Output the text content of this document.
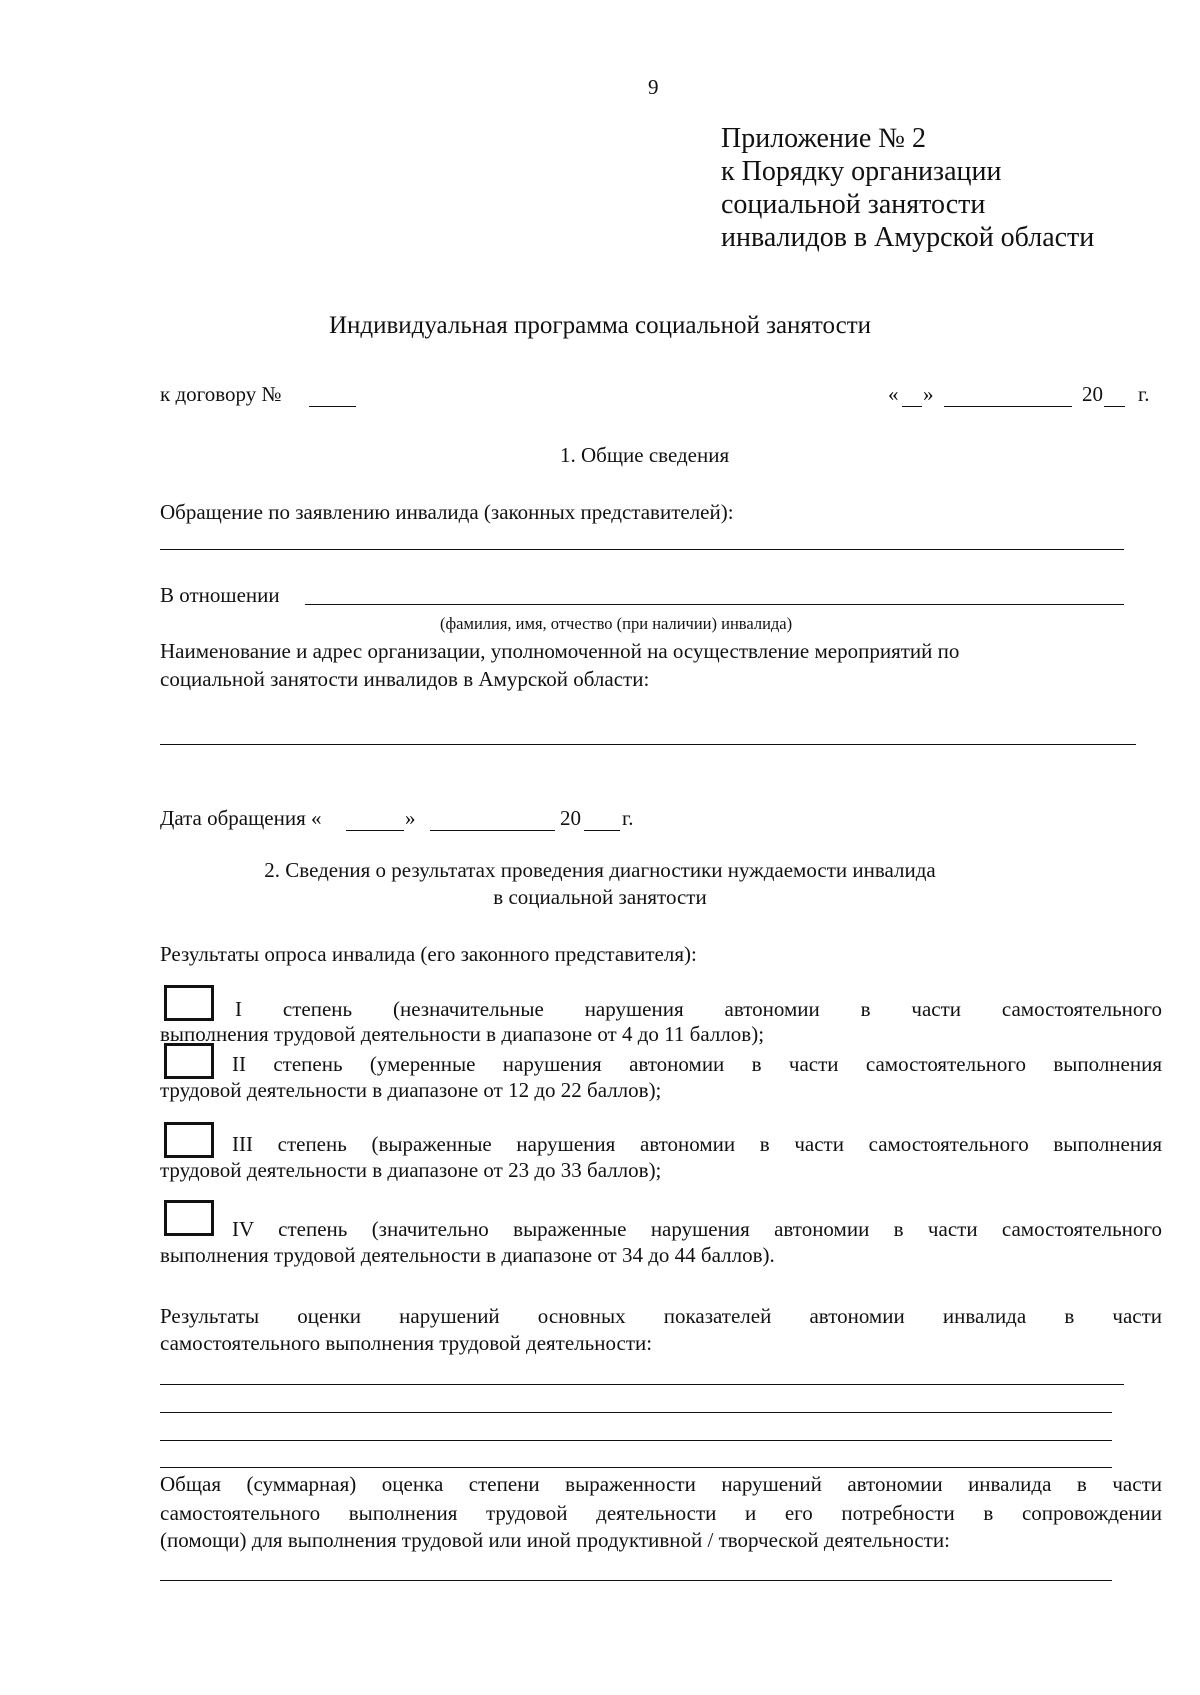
9
Приложение № 2
к Порядку организации
социальной занятости
инвалидов в Амурской области
Индивидуальная программа социальной занятости
к договору №	« »	20 г.
1. Общие сведения
Обращение по заявлению инвалида (законных представителей):
В отношении
(фамилия, имя, отчество (при наличии) инвалида)
Наименование и адрес организации, уполномоченной на осуществление мероприятий по
социальной занятости инвалидов в Амурской области:
Дата обращения «	»	20 г.
2. Сведения о результатах проведения диагностики нуждаемости инвалида
в социальной занятости
Результаты опроса инвалида (его законного представителя):
I степень (незначительные нарушения автономии в части самостоятельного
выполнения трудовой деятельности в диапазоне от 4 до 11 баллов);
II степень (умеренные нарушения автономии в части самостоятельного выполнения
трудовой деятельности в диапазоне от 12 до 22 баллов);
III степень (выраженные нарушения автономии в части самостоятельного выполнения
трудовой деятельности в диапазоне от 23 до 33 баллов);
IV степень (значительно выраженные нарушения автономии в части самостоятельного
выполнения трудовой деятельности в диапазоне от 34 до 44 баллов).
Результаты оценки нарушений основных показателей автономии инвалида в части
самостоятельного выполнения трудовой деятельности:
Общая (суммарная) оценка степени выраженности нарушений автономии инвалида в части
самостоятельного выполнения трудовой деятельности и его потребности в сопровождении
(помощи) для выполнения трудовой или иной продуктивной / творческой деятельности:
